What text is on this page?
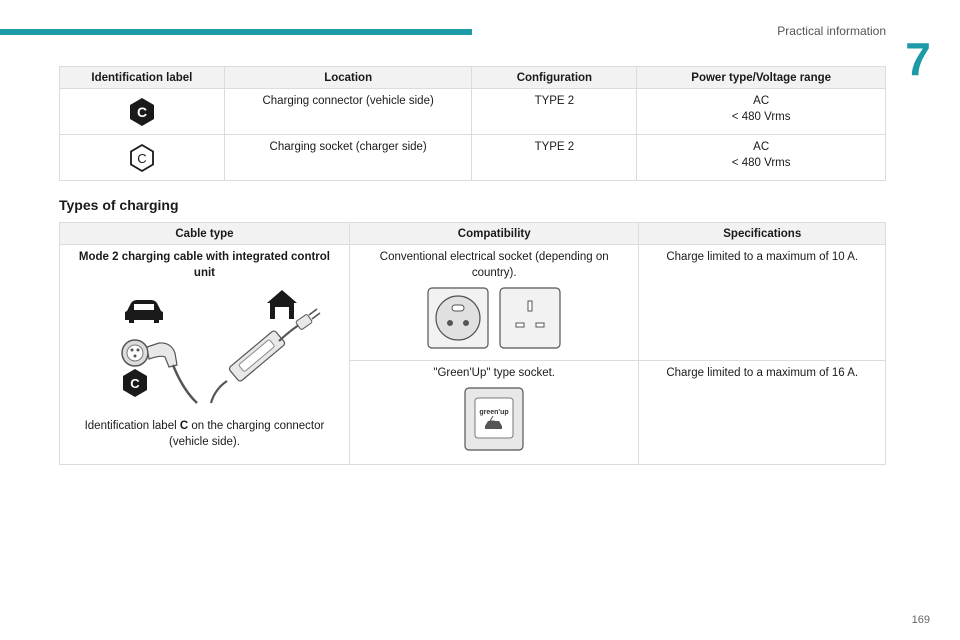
Practical information
7
Identification label	Location	Configuration	Power type/Voltage range

C	Charging connector (vehicle side)	TYPE 2	AC
< 480 Vrms

C	Charging socket (charger side)	TYPE 2	AC
< 480 Vrms
Types of charging
Cable type	Compatibility	Specifications
Mode 2 charging cable with integrated control unit
C
Identification label C on the charging connector (vehicle side).	Conventional electrical socket (depending on country).	Charge limited to a maximum of 10 A.
	"Green'Up" type socket.
green'up	Charge limited to a maximum of 16 A.
169
